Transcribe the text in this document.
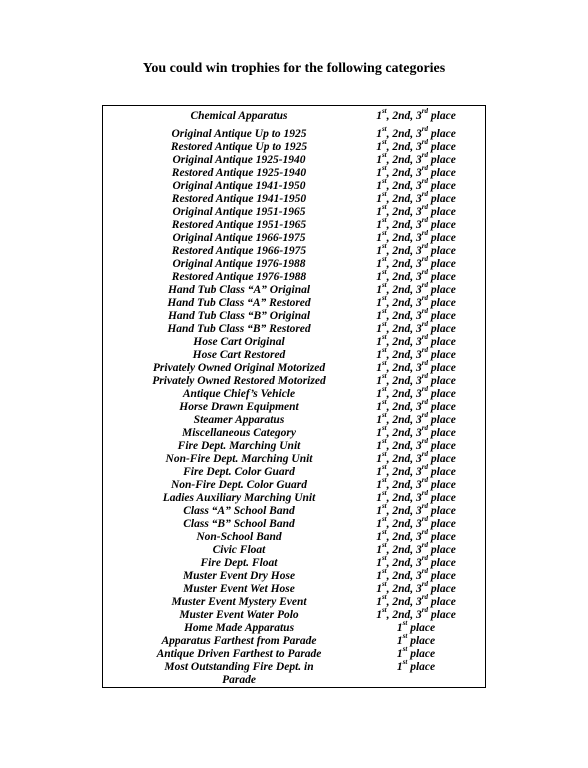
You could win trophies for the following categories
Chemical Apparatus	1st, 2nd, 3rd place
Original Antique Up to 1925	1st, 2nd, 3rd place
Restored Antique Up to 1925	1st, 2nd, 3rd place
Original Antique 1925-1940	1st, 2nd, 3rd place
Restored Antique 1925-1940	1st, 2nd, 3rd place
Original Antique 1941-1950	1st, 2nd, 3rd place
Restored Antique 1941-1950	1st, 2nd, 3rd place
Original Antique 1951-1965	1st, 2nd, 3rd place
Restored Antique 1951-1965	1st, 2nd, 3rd place
Original Antique 1966-1975	1st, 2nd, 3rd place
Restored Antique 1966-1975	1st, 2nd, 3rd place
Original Antique 1976-1988	1st, 2nd, 3rd place
Restored Antique 1976-1988	1st, 2nd, 3rd place
Hand Tub Class “A” Original	1st, 2nd, 3rd place
Hand Tub Class “A” Restored	1st, 2nd, 3rd place
Hand Tub Class “B” Original	1st, 2nd, 3rd place
Hand Tub Class “B” Restored	1st, 2nd, 3rd place
Hose Cart Original	1st, 2nd, 3rd place
Hose Cart Restored	1st, 2nd, 3rd place
Privately Owned Original Motorized	1st, 2nd, 3rd place
Privately Owned Restored Motorized	1st, 2nd, 3rd place
Antique Chief’s Vehicle	1st, 2nd, 3rd place
Horse Drawn Equipment	1st, 2nd, 3rd place
Steamer Apparatus	1st, 2nd, 3rd place
Miscellaneous Category	1st, 2nd, 3rd place
Fire Dept. Marching Unit	1st, 2nd, 3rd place
Non-Fire Dept. Marching Unit	1st, 2nd, 3rd place
Fire Dept. Color Guard	1st, 2nd, 3rd place
Non-Fire Dept. Color Guard	1st, 2nd, 3rd place
Ladies Auxiliary Marching Unit	1st, 2nd, 3rd place
Class “A” School Band	1st, 2nd, 3rd place
Class “B” School Band	1st, 2nd, 3rd place
Non-School Band	1st, 2nd, 3rd place
Civic Float	1st, 2nd, 3rd place
Fire Dept. Float	1st, 2nd, 3rd place
Muster Event Dry Hose	1st, 2nd, 3rd place
Muster Event Wet Hose	1st, 2nd, 3rd place
Muster Event Mystery Event	1st, 2nd, 3rd place
Muster Event Water Polo	1st, 2nd, 3rd place
Home Made Apparatus	1st place
Apparatus Farthest from Parade	1st place
Antique Driven Farthest to Parade	1st place
Most Outstanding Fire Dept. in	1st place
Parade
